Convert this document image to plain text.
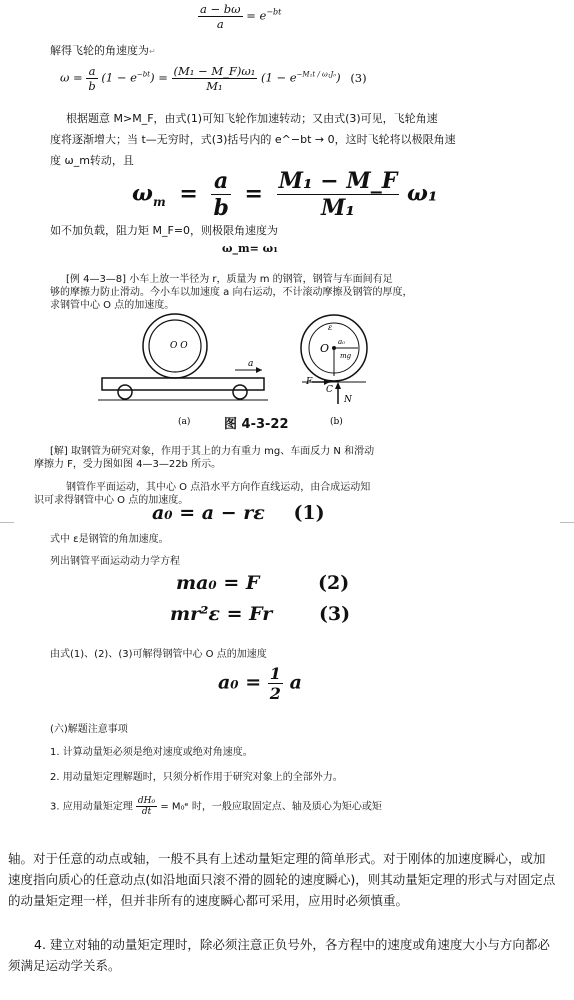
$\frac{a - b\omega}{a} = e^{-bt}$
解得飞轮的角速度为↵
$\omega = \frac{a}{b} (1 - e^{-bt}) = \frac{\text{(M₁ − M\_F)ω₁}}{\text{M₁}} (1 - e^{-M_1t / \omega_1J_0})$ (3)
根据题意 M>M_F，由式(1)可知飞轮作加速转动；又由式(3)可见，飞轮角速
度将逐渐增大；当 t—无穷时，式(3)括号内的 e^−bt → 0，这时飞轮将以极限角速
度 ω_m转动，且
$\omega_m = \frac{a}{b} = \frac{\text{M₁ − M\_F}}{\text{M₁}} \omega_1$
如不加负载，阻力矩 M_F=0，则极限角速度为
ω_m= ω₁
[例 4—3—8] 小车上放一半径为 r，质量为 m 的钢管，钢管与车面间有足
够的摩擦力防止滑动。今小车以加速度 a 向右运动，不计滚动摩擦及钢管的厚度，
求钢管中心 O 点的加速度。
O O
a
O
ε
a₀
mg
F
C
N
(a)	(b)
图 4-3-22
[解] 取钢管为研究对象，作用于其上的力有重力 mg、车面反力 N 和滑动
摩擦力 F，受力图如图 4—3—22b 所示。
钢管作平面运动，其中心 O 点沿水平方向作直线运动，由合成运动知
识可求得钢管中心 O 点的加速度。
a₀ = a − rε (1)
式中 ε是钢管的角加速度。
列出钢管平面运动动力学方程
ma₀ = F	(2)
mr²ε = Fr (3)
由式(1)、(2)、(3)可解得钢管中心 O 点的加速度
$a_0 = \frac{1}{2}$ a
(六)解题注意事项
1. 计算动量矩必须是绝对速度或绝对角速度。
2. 用动量矩定理解题时，只须分析作用于研究对象上的全部外力。
3. 应用动量矩定理 $\frac{\text{dH₀}}{dt}$ = M₀ᵉ 时，一般应取固定点、轴及质心为矩心或矩
轴。对于任意的动点或轴，一般不具有上述动量矩定理的简单形式。对于刚体的加速度瞬心，或加速度指向质心的任意动点(如沿地面只滚不滑的圆轮的速度瞬心)，则其动量矩定理的形式与对固定点的动量矩定理一样，但并非所有的速度瞬心都可采用，应用时必须慎重。
4. 建立对轴的动量矩定理时，除必须注意正负号外，各方程中的速度或角速度大小与方向都必须满足运动学关系。
